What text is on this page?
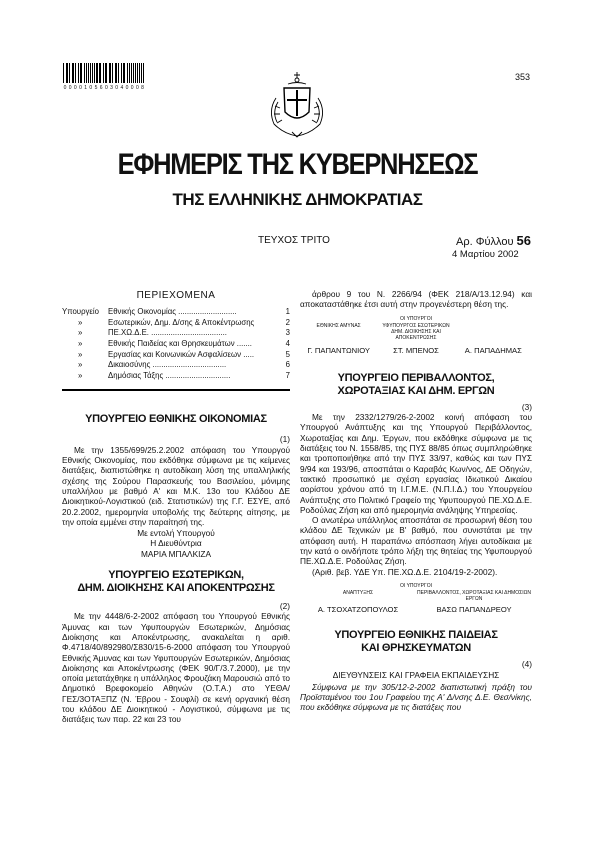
0 0 0 0 1 0 5 6 0 3 0 4 0 0 0 8
353
ΕΦΗΜΕΡΙΣ ΤΗΣ ΚΥΒΕΡΝΗΣΕΩΣ
ΤΗΣ ΕΛΛΗΝΙΚΗΣ ΔΗΜΟΚΡΑΤΙΑΣ
ΤΕΥΧΟΣ ΤΡΙΤΟ	Αρ. Φύλλου 56
4 Μαρτίου 2002
ΠΕΡΙΕΧΟΜΕΝΑ
Υπουργείο	Εθνικής Οικονομίας ...........................	1
»	Εσωτερικών, Δημ. Δ/σης & Αποκέντρωσης	2
»	ΠΕ.ΧΩ.Δ.Ε. ...................................	3
»	Εθνικής Παιδείας και Θρησκευμάτων .......	4
»	Εργασίας και Κοινωνικών Ασφαλίσεων .....	5
»	Δικαιοσύνης ..................................	6
»	Δημόσιας Τάξης ..............................	7
ΥΠΟΥΡΓΕΙΟ ΕΘΝΙΚΗΣ ΟΙΚΟΝΟΜΙΑΣ
(1)
Με την 1355/699/25.2.2002 απόφαση του Υπουργού Εθνικής Οικονομίας, που εκδόθηκε σύμφωνα με τις κείμενες διατάξεις, διαπιστώθηκε η αυτοδίκαιη λύση της υπαλληλικής σχέσης της Σούρου Παρασκευής του Βασιλείου, μόνιμης υπαλλήλου με βαθμό Α' και Μ.Κ. 13ο του Κλάδου ΔΕ Διοικητικού-Λογιστικού (ειδ. Στατιστικών) της Γ.Γ. ΕΣΥΕ, από 20.2.2002, ημερομηνία υποβολής της δεύτερης αίτησης, με την οποία εμμένει στην παραίτησή της.
Με εντολή Υπουργού
Η Διευθύντρια
ΜΑΡΙΑ ΜΠΑΛΚΙΖΑ
ΥΠΟΥΡΓΕΙΟ ΕΣΩΤΕΡΙΚΩΝ,
ΔΗΜ. ΔΙΟΙΚΗΣΗΣ ΚΑΙ ΑΠΟΚΕΝΤΡΩΣΗΣ
(2)
Με την 4448/6-2-2002 απόφαση του Υπουργού Εθνικής Άμυνας και των Υφυπουργών Εσωτερικών, Δημόσιας Διοίκησης και Αποκέντρωσης, ανακαλείται η αριθ. Φ.4718/40/892980/Σ830/15-6-2000 απόφαση του Υπουργού Εθνικής Άμυνας και των Υφυπουργών Εσωτερικών, Δημόσιας Διοίκησης και Αποκέντρωσης (ΦΕΚ 90/Γ/3.7.2000), με την οποία μετατάχθηκε η υπάλληλος Φρουζάκη Μαρουσιώ από το Δημοτικό Βρεφοκομείο Αθηνών (Ο.Τ.Α.) στο ΥΕΘΑ/ΓΕΣ/3ΟΤΑΞΠΖ (Ν. Έβρου - Σουφλί) σε κενή οργανική θέση του κλάδου ΔΕ Διοικητικού - Λογιστικού, σύμφωνα με τις διατάξεις των παρ. 22 και 23 του
άρθρου 9 του Ν. 2266/94 (ΦΕΚ 218/Α/13.12.94) και αποκαταστάθηκε έτσι αυτή στην προγενέστερη θέση της.
ΟΙ ΥΠΟΥΡΓΟΙ
ΕΘΝΙΚΗΣ ΑΜΥΝΑΣ	ΥΦΥΠΟΥΡΓΟΣ ΕΣΩΤΕΡΙΚΩΝ ΔΗΜ. ΔΙΟΙΚΗΣΗΣ ΚΑΙ ΑΠΟΚΕΝΤΡΩΣΗΣ
Γ. ΠΑΠΑΝΤΩΝΙΟΥ	ΣΤ. ΜΠΕΝΟΣ	Α. ΠΑΠΑΔΗΜΑΣ
ΥΠΟΥΡΓΕΙΟ ΠΕΡΙΒΑΛΛΟΝΤΟΣ,
ΧΩΡΟΤΑΞΙΑΣ ΚΑΙ ΔΗΜ. ΕΡΓΩΝ
(3)
Με την 2332/1279/26-2-2002 κοινή απόφαση του Υπουργού Ανάπτυξης και της Υπουργού Περιβάλλοντος, Χωροταξίας και Δημ. Έργων, που εκδόθηκε σύμφωνα με τις διατάξεις του Ν. 1558/85, της ΠΥΣ 88/85 όπως συμπληρώθηκε και τροποποιήθηκε από την ΠΥΣ 33/97, καθώς και των ΠΥΣ 9/94 και 193/96, αποσπάται ο Καραβάς Κων/νος, ΔΕ Οδηγών, τακτικό προσωπικό με σχέση εργασίας Ιδιωτικού Δικαίου αορίστου χρόνου από τη Ι.Γ.Μ.Ε. (Ν.Π.Ι.Δ.) του Υπουργείου Ανάπτυξης στο Πολιτικό Γραφείο της Υφυπουργού ΠΕ.ΧΩ.Δ.Ε. Ροδούλας Ζήση και από ημερομηνία ανάληψης Υπηρεσίας.
Ο ανωτέρω υπάλληλος αποσπάται σε προσωρινή θέση του κλάδου ΔΕ Τεχνικών με Β' βαθμό, που συνιστάται με την απόφαση αυτή. Η παραπάνω απόσπαση λήγει αυτοδίκαια με την κατά ο οινδήποτε τρόπο λήξη της θητείας της Υφυπουργού ΠΕ.ΧΩ.Δ.Ε. Ροδούλας Ζήση.
(Αριθ. βεβ. ΥΔΕ Υπ. ΠΕ.ΧΩ.Δ.Ε. 2104/19-2-2002).
ΟΙ ΥΠΟΥΡΓΟΙ
ΑΝΑΠΤΥΞΗΣ	ΠΕΡΙΒΑΛΛΟΝΤΟΣ, ΧΩΡΟΤΑΞΙΑΣ ΚΑΙ ΔΗΜΟΣΙΩΝ ΕΡΓΩΝ
Α. ΤΣΟΧΑΤΖΟΠΟΥΛΟΣ	ΒΑΣΩ ΠΑΠΑΝΔΡΕΟΥ
ΥΠΟΥΡΓΕΙΟ ΕΘΝΙΚΗΣ ΠΑΙΔΕΙΑΣ
ΚΑΙ ΘΡΗΣΚΕΥΜΑΤΩΝ
(4)
ΔΙΕΥΘΥΝΣΕΙΣ ΚΑΙ ΓΡΑΦΕΙΑ ΕΚΠΑΙΔΕΥΣΗΣ
Σύμφωνα με την 305/12-2-2002 διαπιστωτική πράξη του Προϊσταμένου του 1ου Γραφείου της Α' Δ/νσης Δ.Ε. Θεσ/νίκης, που εκδόθηκε σύμφωνα με τις διατάξεις που
